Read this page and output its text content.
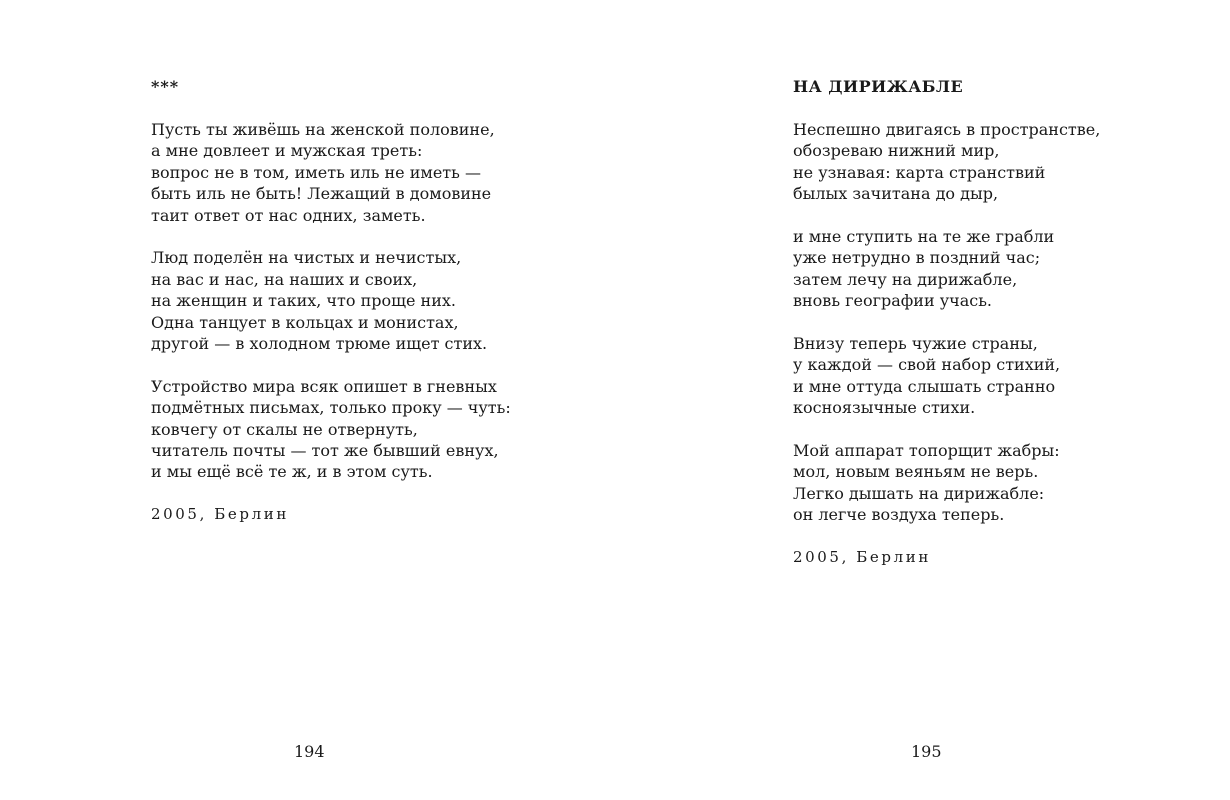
***
Пусть ты живёшь на женской половине,
а мне довлеет и мужская треть:
вопрос не в том, иметь иль не иметь —
быть иль не быть! Лежащий в домовине
таит ответ от нас одних, заметь.
Люд поделён на чистых и нечистых,
на вас и нас, на наших и своих,
на женщин и таких, что проще них.
Одна танцует в кольцах и монистах,
другой — в холодном трюме ищет стих.
Устройство мира всяк опишет в гневных
подмётных письмах, только проку — чуть:
ковчегу от скалы не отвернуть,
читатель почты — тот же бывший евнух,
и мы ещё всё те ж, и в этом суть.
2005, Берлин
194
НА ДИРИЖАБЛЕ
Неспешно двигаясь в пространстве,
обозреваю нижний мир,
не узнавая: карта странствий
былых зачитана до дыр,
и мне ступить на те же грабли
уже нетрудно в поздний час;
затем лечу на дирижабле,
вновь географии учась.
Внизу теперь чужие страны,
у каждой — свой набор стихий,
и мне оттуда слышать странно
косноязычные стихи.
Мой аппарат топорщит жабры:
мол, новым веяньям не верь.
Легко дышать на дирижабле:
он легче воздуха теперь.
2005, Берлин
195
